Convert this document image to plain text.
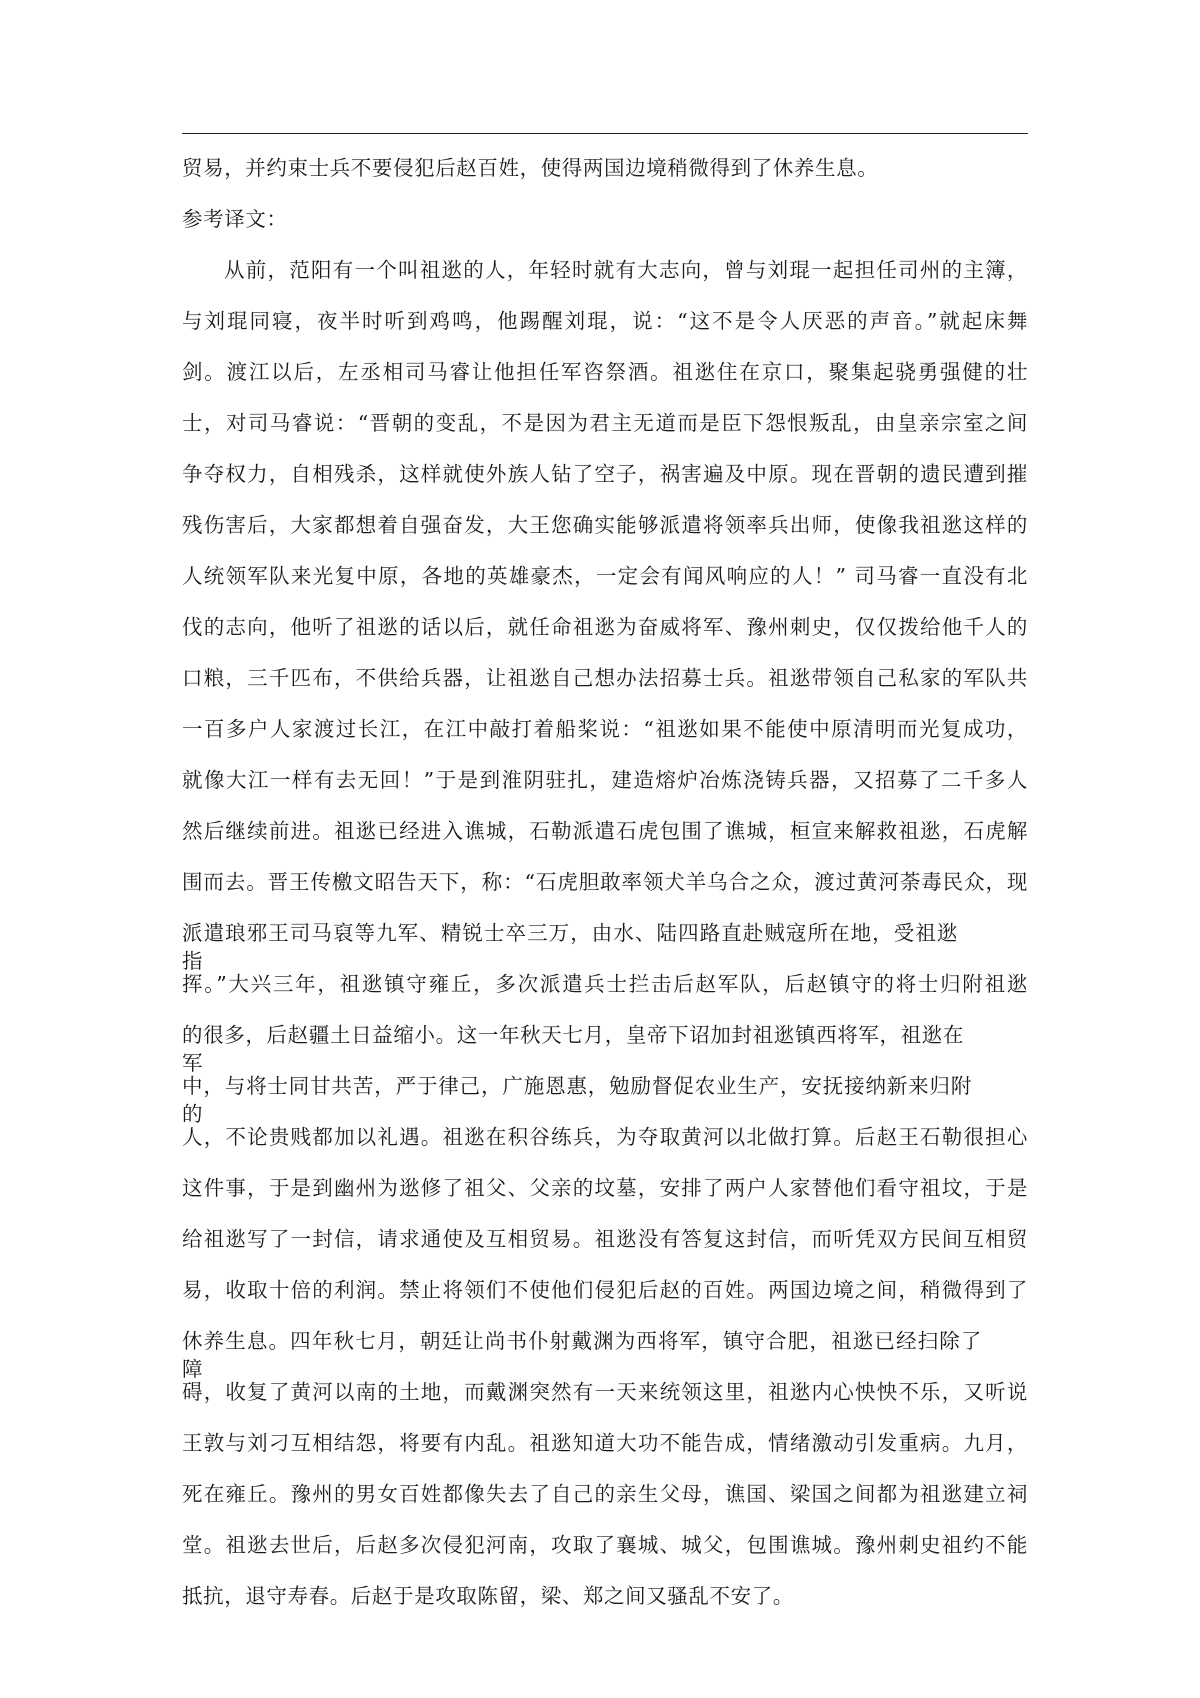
贸易，并约束士兵不要侵犯后赵百姓，使得两国边境稍微得到了休养生息。
参考译文：
从前，范阳有一个叫祖逖的人，年轻时就有大志向，曾与刘琨一起担任司州的主簿，
与刘琨同寝，夜半时听到鸡鸣，他踢醒刘琨，说：“这不是令人厌恶的声音。”就起床舞
剑。渡江以后，左丞相司马睿让他担任军咨祭酒。祖逖住在京口，聚集起骁勇强健的壮
士，对司马睿说：“晋朝的变乱，不是因为君主无道而是臣下怨恨叛乱，由皇亲宗室之间
争夺权力，自相残杀，这样就使外族人钻了空子，祸害遍及中原。现在晋朝的遗民遭到摧
残伤害后，大家都想着自强奋发，大王您确实能够派遣将领率兵出师，使像我祖逖这样的
人统领军队来光复中原，各地的英雄豪杰，一定会有闻风响应的人！” 司马睿一直没有北
伐的志向，他听了祖逖的话以后，就任命祖逖为奋威将军、豫州刺史，仅仅拨给他千人的
口粮，三千匹布，不供给兵器，让祖逖自己想办法招募士兵。祖逖带领自己私家的军队共
一百多户人家渡过长江，在江中敲打着船桨说：“祖逖如果不能使中原清明而光复成功，
就像大江一样有去无回！”于是到淮阴驻扎，建造熔炉冶炼浇铸兵器，又招募了二千多人
然后继续前进。祖逖已经进入谯城，石勒派遣石虎包围了谯城，桓宣来解救祖逖，石虎解
围而去。晋王传檄文昭告天下，称：“石虎胆敢率领犬羊乌合之众，渡过黄河荼毒民众，现
派遣琅邪王司马裒等九军、精锐士卒三万，由水、陆四路直赴贼寇所在地，受祖逖指
挥。”大兴三年，祖逖镇守雍丘，多次派遣兵士拦击后赵军队，后赵镇守的将士归附祖逖
的很多，后赵疆土日益缩小。这一年秋天七月，皇帝下诏加封祖逖镇西将军，祖逖在军
中，与将士同甘共苦，严于律己，广施恩惠，勉励督促农业生产，安抚接纳新来归附的
人，不论贵贱都加以礼遇。祖逖在积谷练兵，为夺取黄河以北做打算。后赵王石勒很担心
这件事，于是到幽州为逖修了祖父、父亲的坟墓，安排了两户人家替他们看守祖坟，于是
给祖逖写了一封信，请求通使及互相贸易。祖逖没有答复这封信，而听凭双方民间互相贸
易，收取十倍的利润。禁止将领们不使他们侵犯后赵的百姓。两国边境之间，稍微得到了
休养生息。四年秋七月，朝廷让尚书仆射戴渊为西将军，镇守合肥，祖逖已经扫除了障
碍，收复了黄河以南的土地，而戴渊突然有一天来统领这里，祖逖内心怏怏不乐，又听说
王敦与刘刁互相结怨，将要有内乱。祖逖知道大功不能告成，情绪激动引发重病。九月，
死在雍丘。豫州的男女百姓都像失去了自己的亲生父母，谯国、梁国之间都为祖逖建立祠
堂。祖逖去世后，后赵多次侵犯河南，攻取了襄城、城父，包围谯城。豫州刺史祖约不能
抵抗，退守寿春。后赵于是攻取陈留，梁、郑之间又骚乱不安了。
